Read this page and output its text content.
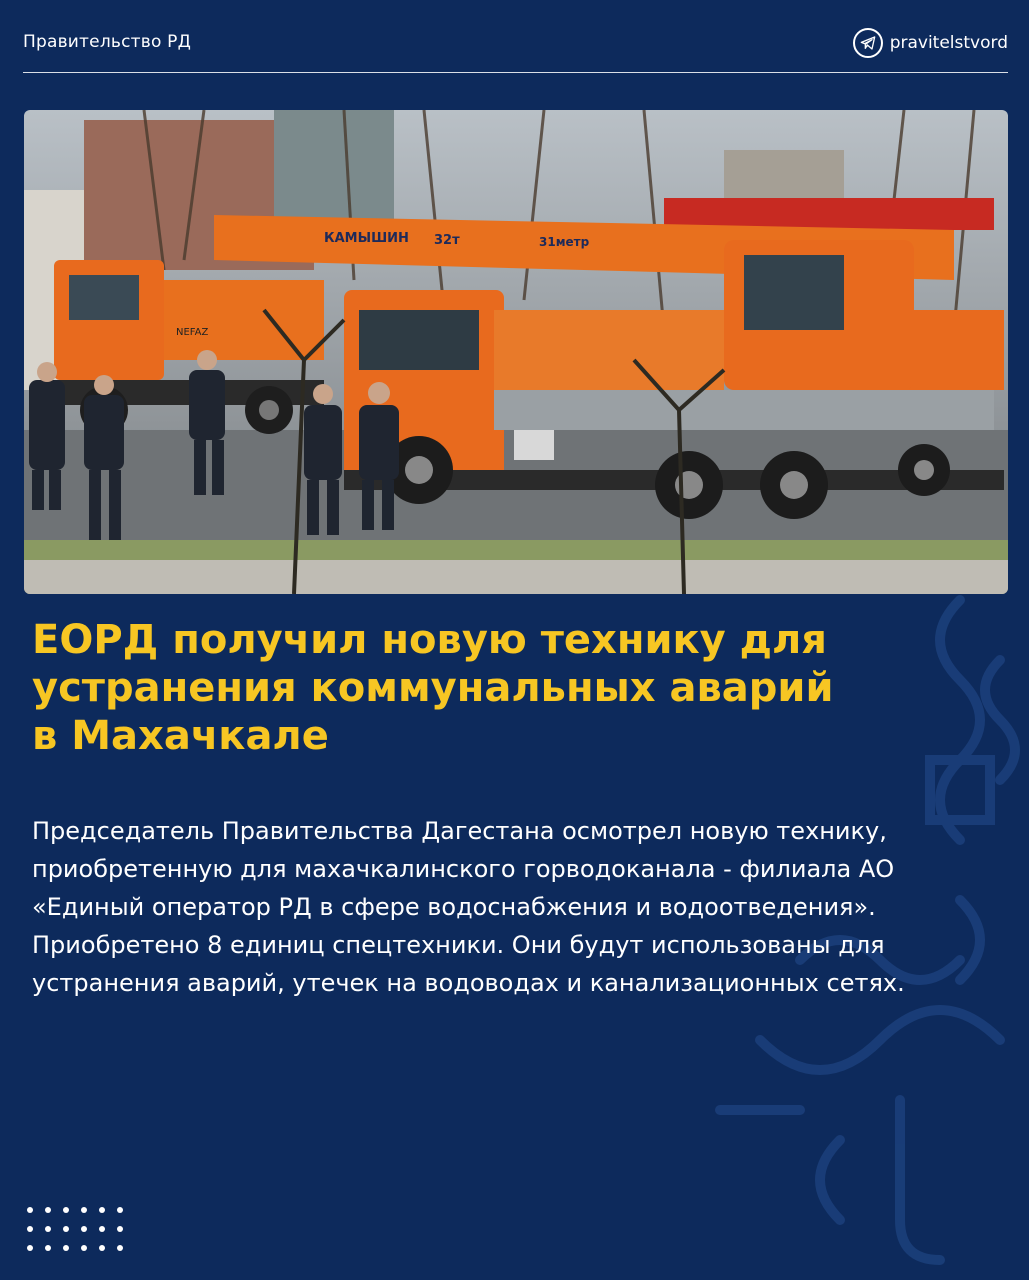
Правительство РД	pravitelstvord
NEFAZ
КАМЫШИН 32т	31метр
ЕОРД получил новую технику для
устранения коммунальных аварий
в Махачкале

Председатель Правительства Дагестана осмотрел новую технику,
приобретенную для махачкалинского горводоканала - филиала АО
«Единый оператор РД в сфере водоснабжения и водоотведения».
Приобретено 8 единиц спецтехники. Они будут использованы для
устранения аварий, утечек на водоводах и канализационных сетях.
